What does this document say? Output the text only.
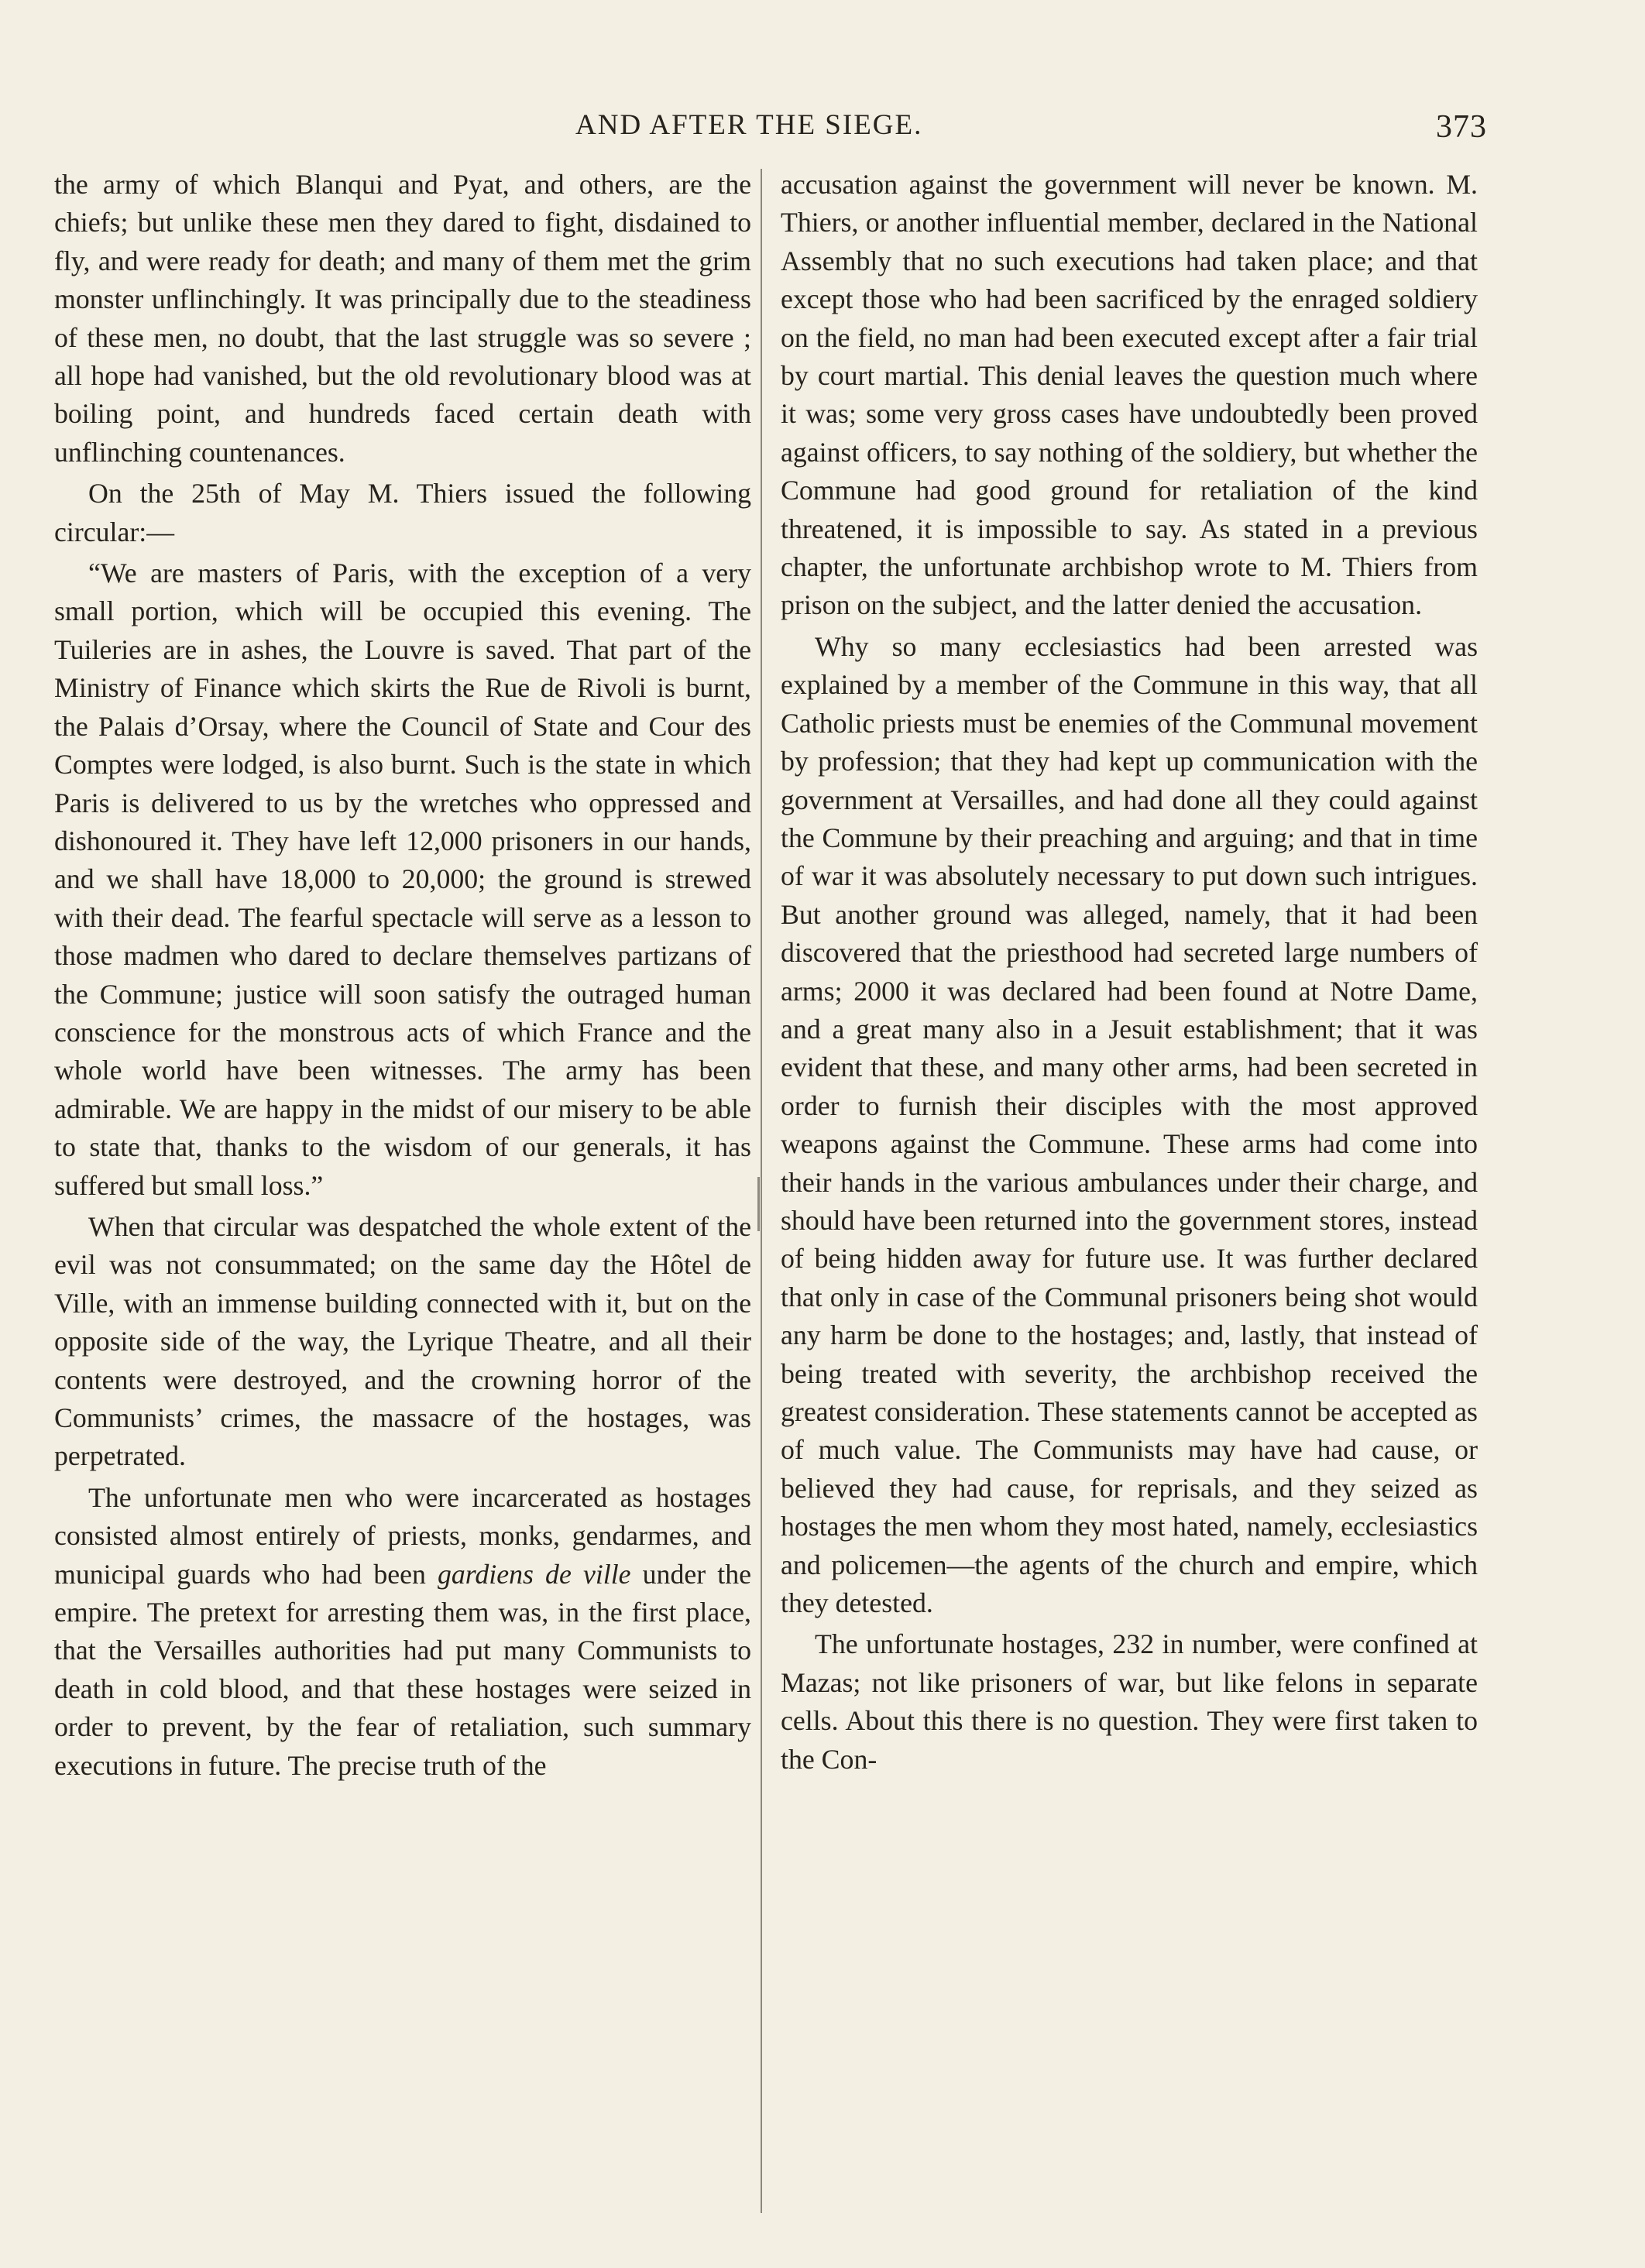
AND AFTER THE SIEGE.	373

the army of which Blanqui and Pyat, and others, are the chiefs; but unlike these men they dared to fight, disdained to fly, and were ready for death; and many of them met the grim monster unflinchingly. It was principally due to the steadiness of these men, no doubt, that the last struggle was so severe ; all hope had vanished, but the old revolutionary blood was at boiling point, and hundreds faced certain death with unflinching countenances.

On the 25th of May M. Thiers issued the following circular:—

“We are masters of Paris, with the exception of a very small portion, which will be occupied this evening. The Tuileries are in ashes, the Louvre is saved. That part of the Ministry of Finance which skirts the Rue de Rivoli is burnt, the Palais d’Orsay, where the Council of State and Cour des Comptes were lodged, is also burnt. Such is the state in which Paris is delivered to us by the wretches who oppressed and dishonoured it. They have left 12,000 prisoners in our hands, and we shall have 18,000 to 20,000; the ground is strewed with their dead. The fearful spectacle will serve as a lesson to those madmen who dared to declare themselves partizans of the Commune; justice will soon satisfy the outraged human conscience for the monstrous acts of which France and the whole world have been witnesses. The army has been admirable. We are happy in the midst of our misery to be able to state that, thanks to the wisdom of our generals, it has suffered but small loss.”

When that circular was despatched the whole extent of the evil was not consummated; on the same day the Hôtel de Ville, with an immense building connected with it, but on the opposite side of the way, the Lyrique Theatre, and all their contents were destroyed, and the crowning horror of the Communists’ crimes, the massacre of the hostages, was perpetrated.

The unfortunate men who were incarcerated as hostages consisted almost entirely of priests, monks, gendarmes, and municipal guards who had been gardiens de ville under the empire. The pretext for arresting them was, in the first place, that the Versailles authorities had put many Communists to death in cold blood, and that these hostages were seized in order to prevent, by the fear of retaliation, such summary executions in future. The precise truth of the

accusation against the government will never be known. M. Thiers, or another influential member, declared in the National Assembly that no such executions had taken place; and that except those who had been sacrificed by the enraged soldiery on the field, no man had been executed except after a fair trial by court martial. This denial leaves the question much where it was; some very gross cases have undoubtedly been proved against officers, to say nothing of the soldiery, but whether the Commune had good ground for retaliation of the kind threatened, it is impossible to say. As stated in a previous chapter, the unfortunate archbishop wrote to M. Thiers from prison on the subject, and the latter denied the accusation.

Why so many ecclesiastics had been arrested was explained by a member of the Commune in this way, that all Catholic priests must be enemies of the Communal movement by profession; that they had kept up communication with the government at Versailles, and had done all they could against the Commune by their preaching and arguing; and that in time of war it was absolutely necessary to put down such intrigues. But another ground was alleged, namely, that it had been discovered that the priesthood had secreted large numbers of arms; 2000 it was declared had been found at Notre Dame, and a great many also in a Jesuit establishment; that it was evident that these, and many other arms, had been secreted in order to furnish their disciples with the most approved weapons against the Commune. These arms had come into their hands in the various ambulances under their charge, and should have been returned into the government stores, instead of being hidden away for future use. It was further declared that only in case of the Communal prisoners being shot would any harm be done to the hostages; and, lastly, that instead of being treated with severity, the archbishop received the greatest consideration. These statements cannot be accepted as of much value. The Communists may have had cause, or believed they had cause, for reprisals, and they seized as hostages the men whom they most hated, namely, ecclesiastics and policemen—the agents of the church and empire, which they detested.

The unfortunate hostages, 232 in number, were confined at Mazas; not like prisoners of war, but like felons in separate cells. About this there is no question. They were first taken to the Con-
